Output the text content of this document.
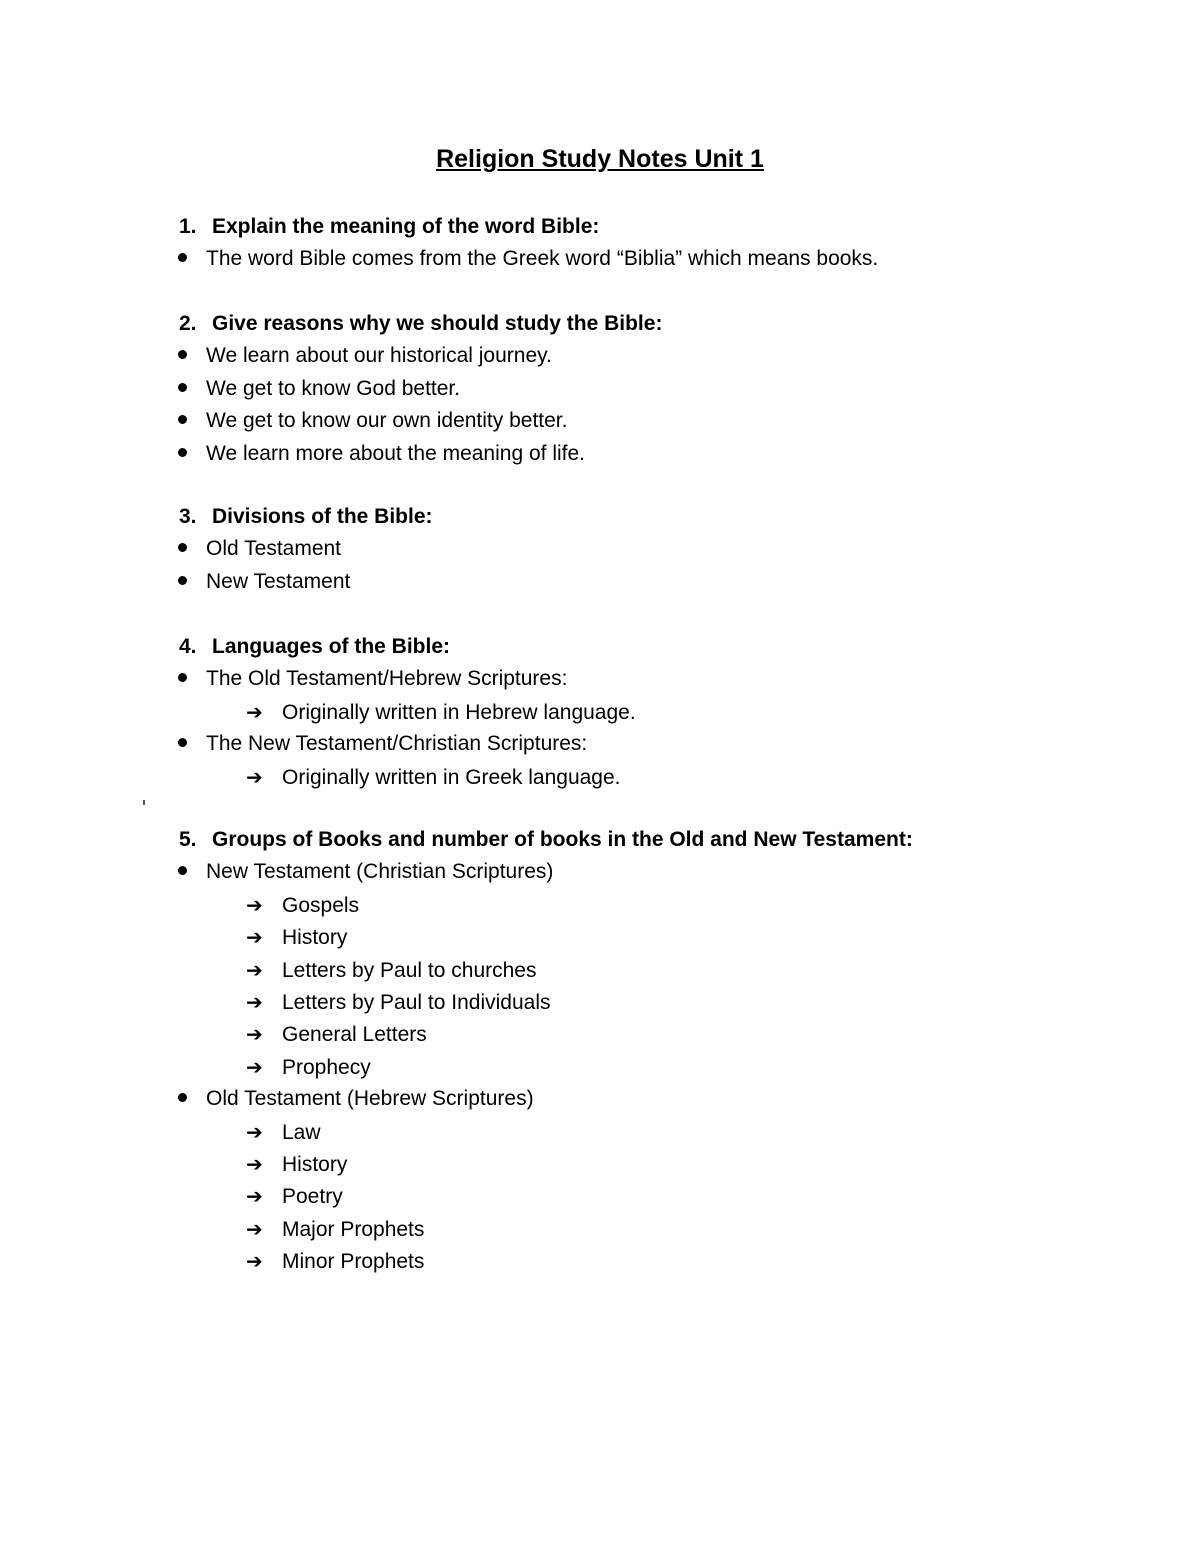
Religion Study Notes Unit 1
1. Explain the meaning of the word Bible:
The word Bible comes from the Greek word “Biblia” which means books.
2. Give reasons why we should study the Bible:
We learn about our historical journey.
We get to know God better.
We get to know our own identity better.
We learn more about the meaning of life.
3. Divisions of the Bible:
Old Testament
New Testament
4. Languages of the Bible:
The Old Testament/Hebrew Scriptures:
➔ Originally written in Hebrew language.
The New Testament/Christian Scriptures:
➔ Originally written in Greek language.
5. Groups of Books and number of books in the Old and New Testament:
New Testament (Christian Scriptures)
➔ Gospels
➔ History
➔ Letters by Paul to churches
➔ Letters by Paul to Individuals
➔ General Letters
➔ Prophecy
Old Testament (Hebrew Scriptures)
➔ Law
➔ History
➔ Poetry
➔ Major Prophets
➔ Minor Prophets
